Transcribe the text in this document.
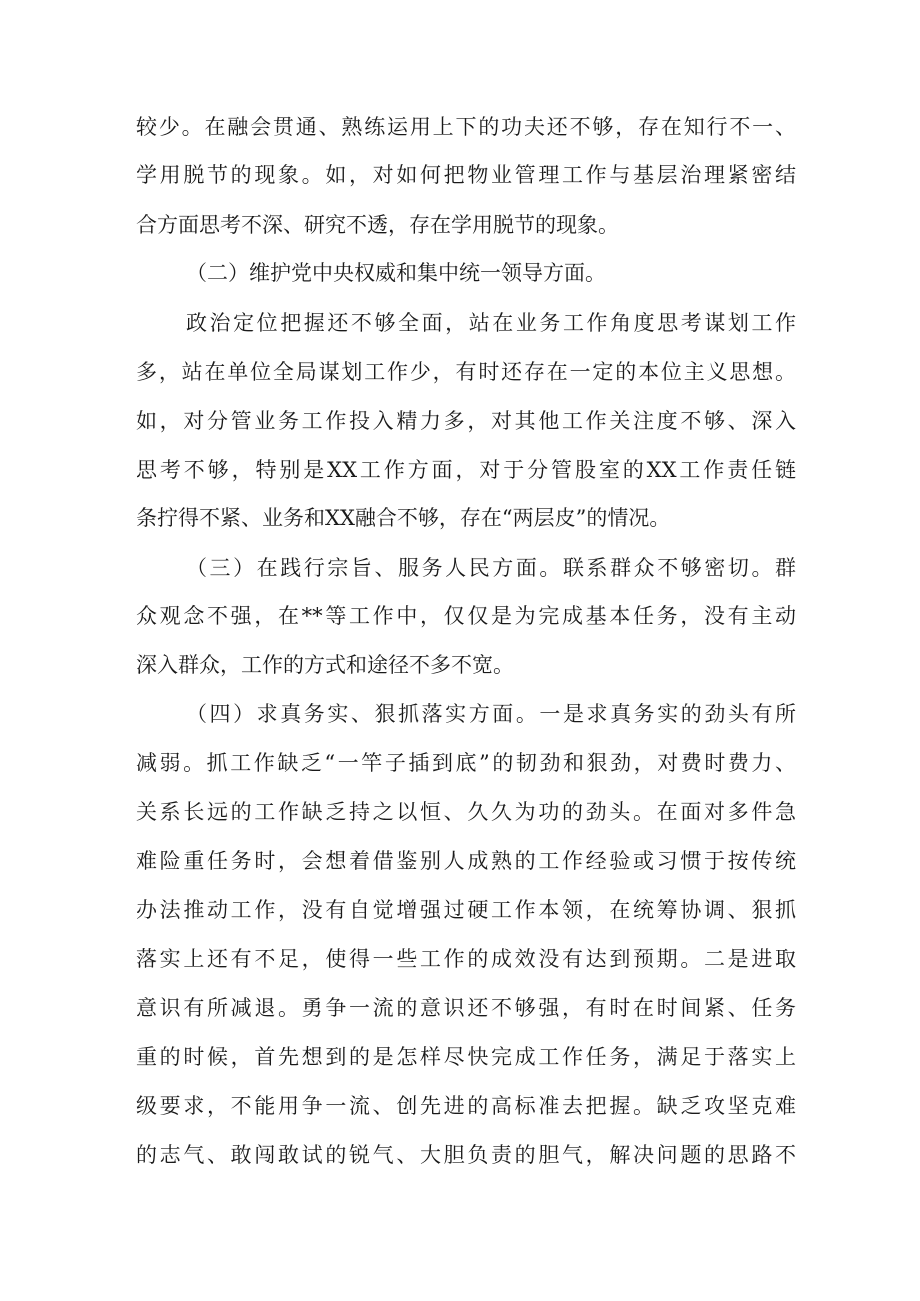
较少。在融会贯通、熟练运用上下的功夫还不够，存在知行不一、
学用脱节的现象。如，对如何把物业管理工作与基层治理紧密结
合方面思考不深、研究不透，存在学用脱节的现象。
（二）维护党中央权威和集中统一领导方面。
政治定位把握还不够全面，站在业务工作角度思考谋划工作
多，站在单位全局谋划工作少，有时还存在一定的本位主义思想。
如，对分管业务工作投入精力多，对其他工作关注度不够、深入
思考不够，特别是XX工作方面，对于分管股室的XX工作责任链
条拧得不紧、业务和XX融合不够，存在“两层皮”的情况。
（三）在践行宗旨、服务人民方面。联系群众不够密切。群
众观念不强，在**等工作中，仅仅是为完成基本任务，没有主动
深入群众，工作的方式和途径不多不宽。
（四）求真务实、狠抓落实方面。一是求真务实的劲头有所
减弱。抓工作缺乏“一竿子插到底”的韧劲和狠劲，对费时费力、
关系长远的工作缺乏持之以恒、久久为功的劲头。在面对多件急
难险重任务时，会想着借鉴别人成熟的工作经验或习惯于按传统
办法推动工作，没有自觉增强过硬工作本领，在统筹协调、狠抓
落实上还有不足，使得一些工作的成效没有达到预期。二是进取
意识有所减退。勇争一流的意识还不够强，有时在时间紧、任务
重的时候，首先想到的是怎样尽快完成工作任务，满足于落实上
级要求，不能用争一流、创先进的高标准去把握。缺乏攻坚克难
的志气、敢闯敢试的锐气、大胆负责的胆气，解决问题的思路不
